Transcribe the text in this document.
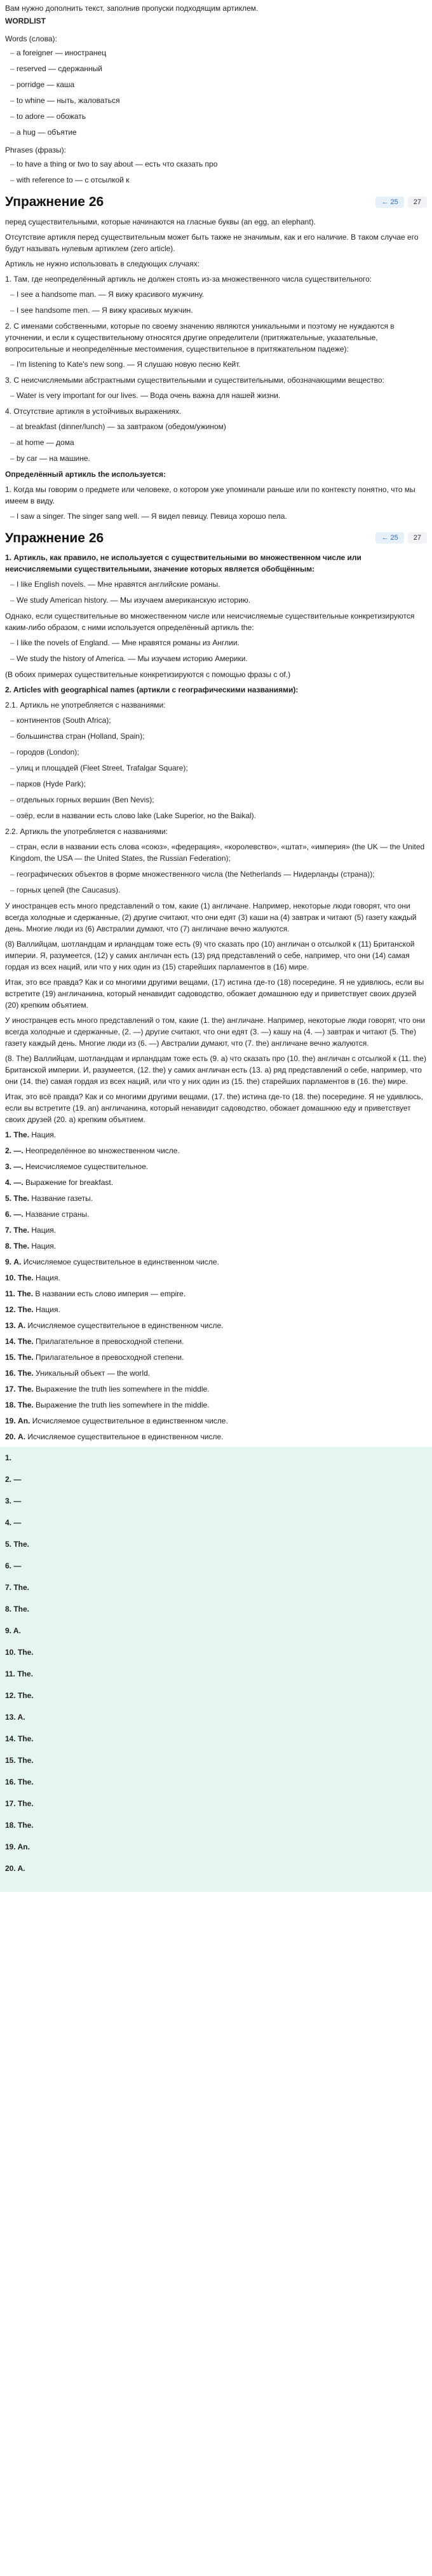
Вам нужно дополнить текст, заполнив пропуски подходящим артиклем.

WORDLIST

Words (слова):

– a foreigner — иностранец
– reserved — сдержанный
– porridge — каша
– to whine — ныть, жаловаться
– to adore — обожать
– a hug — объятие

Phrases (фразы):

– to have a thing or two to say about — есть что сказать про
– with reference to — с отсылкой к
Упражнение 26	← 25	27

перед существительными, которые начинаются на гласные буквы (an egg, an elephant).

Отсутствие артикля перед существительным может быть также не значимым, как и его наличие. В таком случае его будут называть нулевым артиклем (zero article).

Артикль не нужно использовать в следующих случаях:

1. Там, где неопределённый артикль не должен стоять из-за множественного числа существительного:

– I see a handsome man. — Я вижу красивого мужчину.
– I see handsome men. — Я вижу красивых мужчин.

2. С именами собственными, которые по своему значению являются уникальными и поэтому не нуждаются в уточнении, и если к существительному относятся другие определители (притяжательные, указательные, вопросительные и неопределённые местоимения, существительное в притяжательном падеже):

– I'm listening to Kate's new song. — Я слушаю новую песню Кейт.

3. С неисчисляемыми абстрактными существительными и существительными, обозначающими вещество:

– Water is very important for our lives. — Вода очень важна для нашей жизни.

4. Отсутствие артикля в устойчивых выражениях.

– at breakfast (dinner/lunch) — за завтраком (обедом/ужином)
– at home — дома
– by car — на машине.

Определённый артикль the используется:

1. Когда мы говорим о предмете или человеке, о котором уже упоминали раньше или по контексту понятно, что мы имеем в виду.

– I saw a singer. The singer sang well. — Я видел певицу. Певица хорошо пела.
Упражнение 26	← 25	27

1. Артикль, как правило, не используется с существительными во множественном числе или неисчисляемыми существительными, значение которых является обобщённым:

– I like English novels. — Мне нравятся английские романы.
– We study American history. — Мы изучаем американскую историю.

Однако, если существительные во множественном числе или неисчисляемые существительные конкретизируются каким-либо образом, с ними используется определённый артикль the:

– I like the novels of England. — Мне нравятся романы из Англии.
– We study the history of America. — Мы изучаем историю Америки.

(В обоих примерах существительные конкретизируются с помощью фразы с of.)

2. Articles with geographical names (артикли с географическими названиями):

2.1. Артикль не употребляется с названиями:

– континентов (South Africa);
– большинства стран (Holland, Spain);
– городов (London);
– улиц и площадей (Fleet Street, Trafalgar Square);
– парков (Hyde Park);
– отдельных горных вершин (Ben Nevis);
– озёр, если в названии есть слово lake (Lake Superior, но the Baikal).

2.2. Артикль the употребляется с названиями:

– стран, если в названии есть слова «союз», «федерация», «королевство», «штат», «империя» (the UK — the United Kingdom, the USA — the United States, the Russian Federation);
– географических объектов в форме множественного числа (the Netherlands — Нидерланды (страна));
– горных цепей (the Caucasus).

У иностранцев есть много представлений о том, какие (1) англичане. Например, некоторые люди говорят, что они всегда холодные и сдержанные, (2) другие считают, что они едят (3) каши на (4) завтрак и читают (5) газету каждый день. Многие люди из (6) Австралии думают, что (7) англичане вечно жалуются.

(8) Валлийцам, шотландцам и ирландцам тоже есть (9) что сказать про (10) англичан о отсылкой к (11) Британской империи. Я, разумеется, (12) у самих англичан есть (13) ряд представлений о себе, например, что они (14) самая гордая из всех наций, или что у них один из (15) старейших парламентов в (16) мире.

Итак, это все правда? Как и со многими другими вещами, (17) истина где-то (18) посередине. Я не удивлюсь, если вы встретите (19) англичанина, который ненавидит садоводство, обожает домашнюю еду и приветствует своих друзей (20) крепким объятием.

У иностранцев есть много представлений о том, какие (1. the) англичане. Например, некоторые люди говорят, что они всегда холодные и сдержанные, (2. —) другие считают, что они едят (3. —) кашу на (4. —) завтрак и читают (5. The) газету каждый день. Многие люди из (6. —) Австралии думают, что (7. the) англичане вечно жалуются.

(8. The) Валлийцам, шотландцам и ирландцам тоже есть (9. a) что сказать про (10. the) англичан с отсылкой к (11. the) Британской империи. И, разумеется, (12. the) у самих англичан есть (13. a) ряд представлений о себе, например, что они (14. the) самая гордая из всех наций, или что у них один из (15. the) старейших парламентов в (16. the) мире.

Итак, это всё правда? Как и со многими другими вещами, (17. the) истина где-то (18. the) посередине. Я не удивлюсь, если вы встретите (19. an) англичанина, который ненавидит садоводство, обожает домашнюю еду и приветствует своих друзей (20. a) крепким объятием.

1. The. Нация.

2. —. Неопределённое во множественном числе.

3. —. Неисчисляемое существительное.

4. —. Выражение for breakfast.

5. The. Название газеты.

6. —. Название страны.

7. The. Нация.

8. The. Нация.

9. A. Исчисляемое существительное в единственном числе.

10. The. Нация.

11. The. В названии есть слово империя — empire.

12. The. Нация.

13. A. Исчисляемое существительное в единственном числе.

14. The. Прилагательное в превосходной степени.

15. The. Прилагательное в превосходной степени.

16. The. Уникальный объект — the world.

17. The. Выражение the truth lies somewhere in the middle.

18. The. Выражение the truth lies somewhere in the middle.

19. An. Исчисляемое существительное в единственном числе.

20. A. Исчисляемое существительное в единственном числе.

1.

2. —

3. —

4. —

5. The.

6. —

7. The.

8. The.

9. A.

10. The.

11. The.

12. The.

13. A.

14. The.

15. The.

16. The.

17. The.

18. The.

19. An.

20. A.
